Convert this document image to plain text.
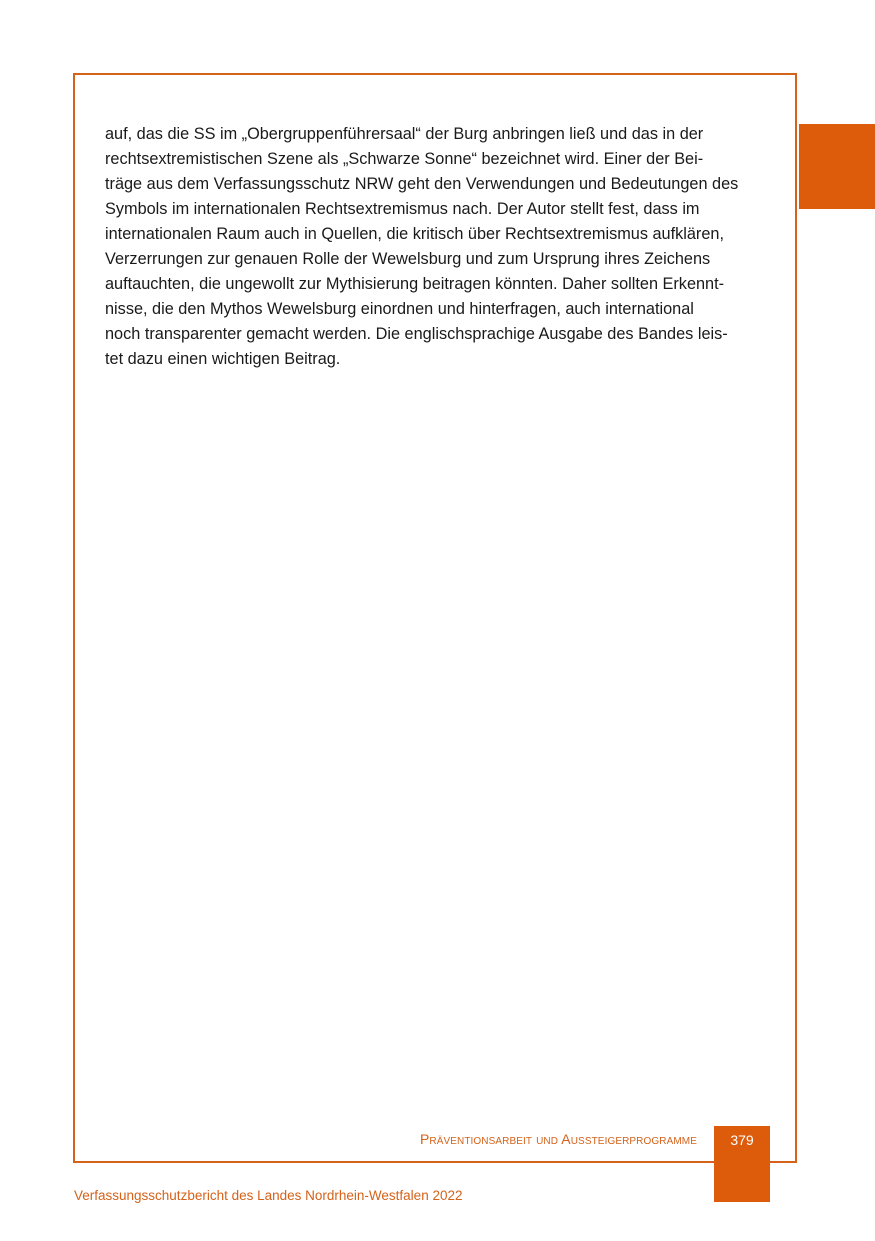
auf, das die SS im „Obergruppenführersaal“ der Burg anbringen ließ und das in der
rechtsextremistischen Szene als „Schwarze Sonne“ bezeichnet wird. Einer der Bei-
träge aus dem Verfassungsschutz NRW geht den Verwendungen und Bedeutungen des
Symbols im internationalen Rechtsextremismus nach. Der Autor stellt fest, dass im
internationalen Raum auch in Quellen, die kritisch über Rechtsextremismus aufklären,
Verzerrungen zur genauen Rolle der Wewelsburg und zum Ursprung ihres Zeichens
auftauchten, die ungewollt zur Mythisierung beitragen könnten. Daher sollten Erkennt-
nisse, die den Mythos Wewelsburg einordnen und hinterfragen, auch international
noch transparenter gemacht werden. Die englischsprachige Ausgabe des Bandes leis-
tet dazu einen wichtigen Beitrag.

Präventionsarbeit und Aussteigerprogramme	379
Verfassungsschutzbericht des Landes Nordrhein-Westfalen 2022
